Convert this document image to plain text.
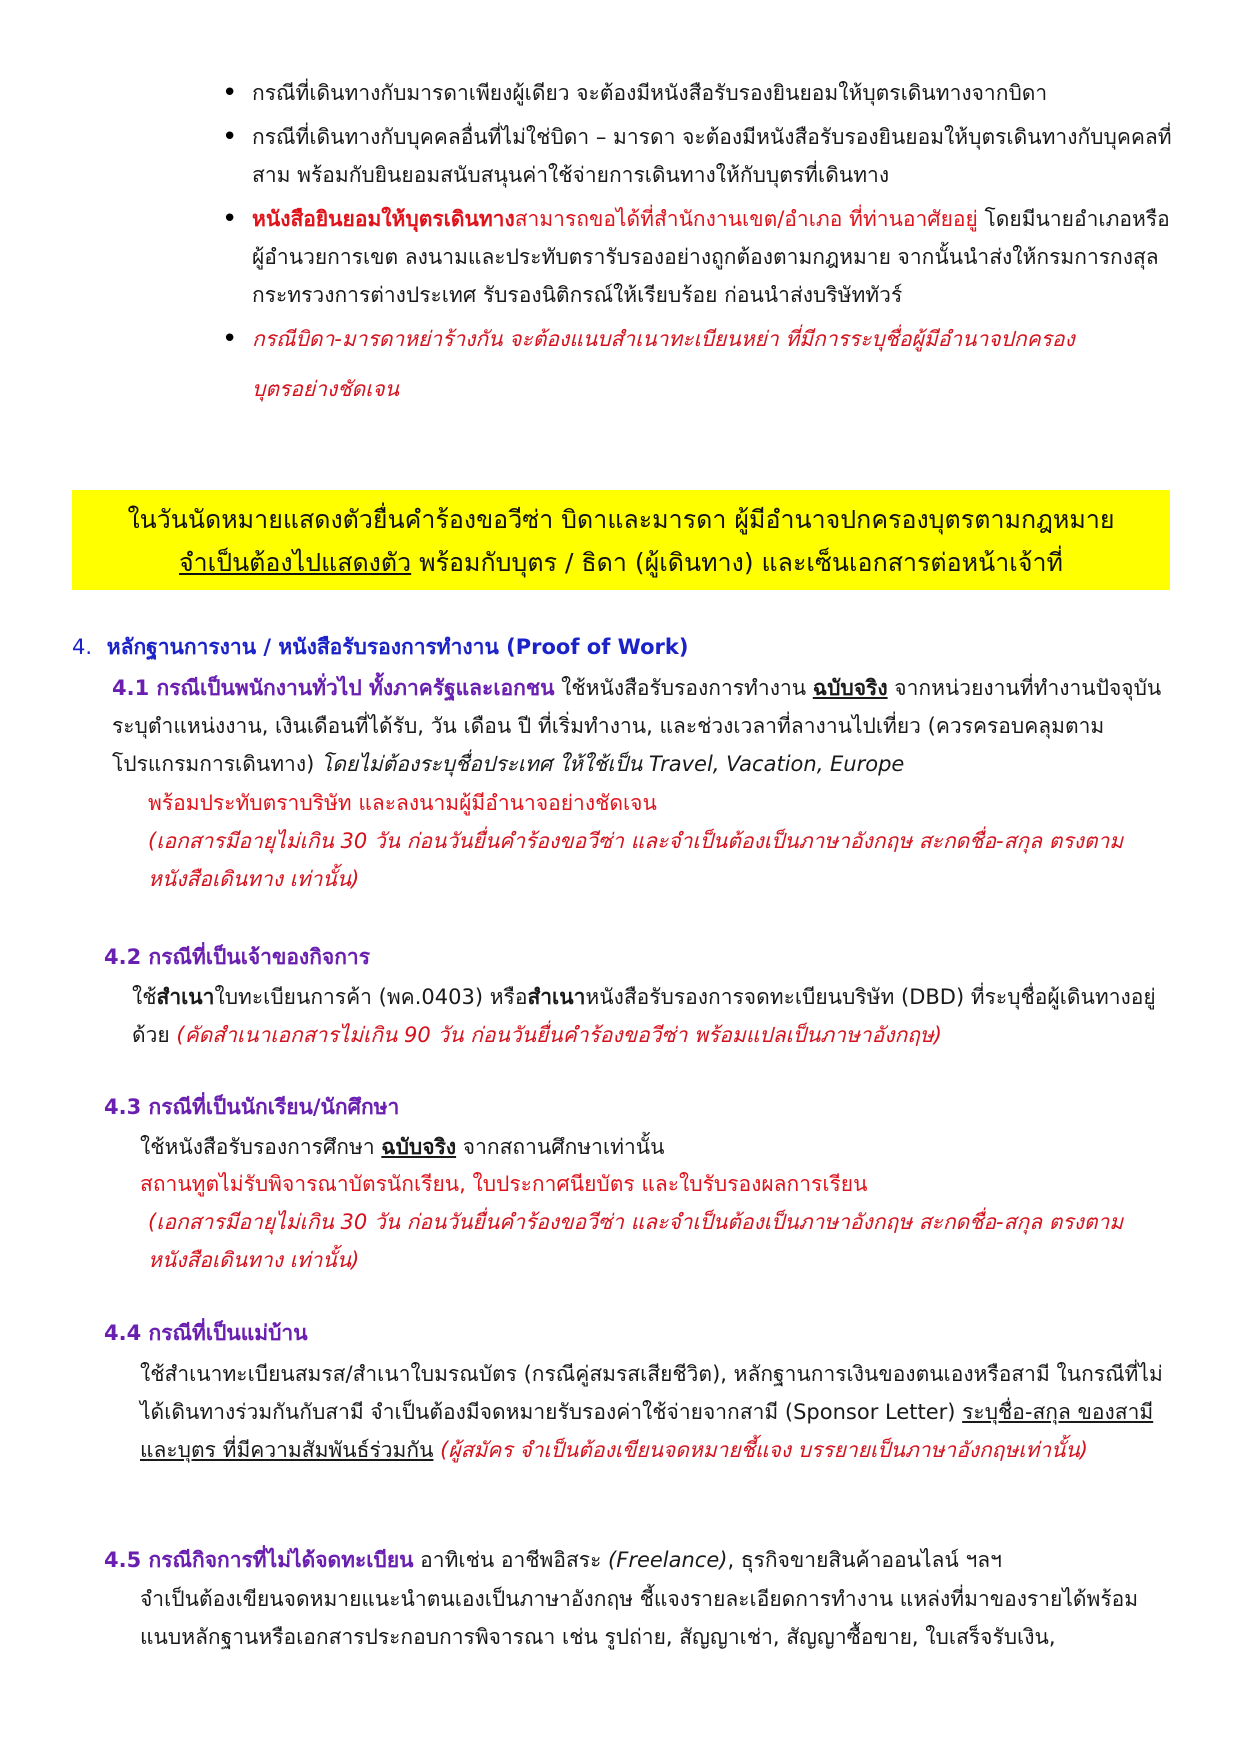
• กรณีที่เดินทางกับมารดาเพียงผู้เดียว จะต้องมีหนังสือรับรองยินยอมให้บุตรเดินทางจากบิดา
• กรณีที่เดินทางกับบุคคลอื่นที่ไม่ใช่บิดา – มารดา จะต้องมีหนังสือรับรองยินยอมให้บุตรเดินทางกับบุคคลที่สาม พร้อมกับยินยอมสนับสนุนค่าใช้จ่ายการเดินทางให้กับบุตรที่เดินทาง
• หนังสือยินยอมให้บุตรเดินทางสามารถขอได้ที่สำนักงานเขต/อำเภอ ที่ท่านอาศัยอยู่ โดยมีนายอำเภอหรือผู้อำนวยการเขต ลงนามและประทับตรารับรองอย่างถูกต้องตามกฎหมาย จากนั้นนำส่งให้กรมการกงสุล กระทรวงการต่างประเทศ รับรองนิติกรณ์ให้เรียบร้อย ก่อนนำส่งบริษัททัวร์
• กรณีบิดา-มารดาหย่าร้างกัน จะต้องแนบสำเนาทะเบียนหย่า ที่มีการระบุชื่อผู้มีอำนาจปกครอง
บุตรอย่างชัดเจน
ในวันนัดหมายแสดงตัวยื่นคำร้องขอวีซ่า บิดาและมารดา ผู้มีอำนาจปกครองบุตรตามกฎหมาย
จำเป็นต้องไปแสดงตัว พร้อมกับบุตร / ธิดา (ผู้เดินทาง) และเซ็นเอกสารต่อหน้าเจ้าที่
4. หลักฐานการงาน / หนังสือรับรองการทำงาน (Proof of Work)
4.1 กรณีเป็นพนักงานทั่วไป ทั้งภาครัฐและเอกชน ใช้หนังสือรับรองการทำงาน ฉบับจริง จากหน่วยงานที่ทำงานปัจจุบัน ระบุตำแหน่งงาน, เงินเดือนที่ได้รับ, วัน เดือน ปี ที่เริ่มทำงาน, และช่วงเวลาที่ลางานไปเที่ยว (ควรครอบคลุมตามโปรแกรมการเดินทาง) โดยไม่ต้องระบุชื่อประเทศ ให้ใช้เป็น Travel, Vacation, Europe
พร้อมประทับตราบริษัท และลงนามผู้มีอำนาจอย่างชัดเจน
(เอกสารมีอายุไม่เกิน 30 วัน ก่อนวันยื่นคำร้องขอวีซ่า และจำเป็นต้องเป็นภาษาอังกฤษ สะกดชื่อ-สกุล ตรงตามหนังสือเดินทาง เท่านั้น)
4.2 กรณีที่เป็นเจ้าของกิจการ
ใช้สำเนาใบทะเบียนการค้า (พค.0403) หรือสำเนาหนังสือรับรองการจดทะเบียนบริษัท (DBD) ที่ระบุชื่อผู้เดินทางอยู่ด้วย (คัดสำเนาเอกสารไม่เกิน 90 วัน ก่อนวันยื่นคำร้องขอวีซ่า พร้อมแปลเป็นภาษาอังกฤษ)
4.3 กรณีที่เป็นนักเรียน/นักศึกษา
ใช้หนังสือรับรองการศึกษา ฉบับจริง จากสถานศึกษาเท่านั้น
สถานทูตไม่รับพิจารณาบัตรนักเรียน, ใบประกาศนียบัตร และใบรับรองผลการเรียน
(เอกสารมีอายุไม่เกิน 30 วัน ก่อนวันยื่นคำร้องขอวีซ่า และจำเป็นต้องเป็นภาษาอังกฤษ สะกดชื่อ-สกุล ตรงตามหนังสือเดินทาง เท่านั้น)
4.4 กรณีที่เป็นแม่บ้าน
ใช้สำเนาทะเบียนสมรส/สำเนาใบมรณบัตร (กรณีคู่สมรสเสียชีวิต), หลักฐานการเงินของตนเองหรือสามี ในกรณีที่ไม่ได้เดินทางร่วมกันกับสามี จำเป็นต้องมีจดหมายรับรองค่าใช้จ่ายจากสามี (Sponsor Letter) ระบุชื่อ-สกุล ของสามีและบุตร ที่มีความสัมพันธ์ร่วมกัน (ผู้สมัคร จำเป็นต้องเขียนจดหมายชี้แจง บรรยายเป็นภาษาอังกฤษเท่านั้น)
4.5 กรณีกิจการที่ไม่ได้จดทะเบียน อาทิเช่น อาชีพอิสระ (Freelance), ธุรกิจขายสินค้าออนไลน์ ฯลฯ
จำเป็นต้องเขียนจดหมายแนะนำตนเองเป็นภาษาอังกฤษ ชี้แจงรายละเอียดการทำงาน แหล่งที่มาของรายได้พร้อมแนบหลักฐานหรือเอกสารประกอบการพิจารณา เช่น รูปถ่าย, สัญญาเช่า, สัญญาซื้อขาย, ใบเสร็จรับเงิน,
